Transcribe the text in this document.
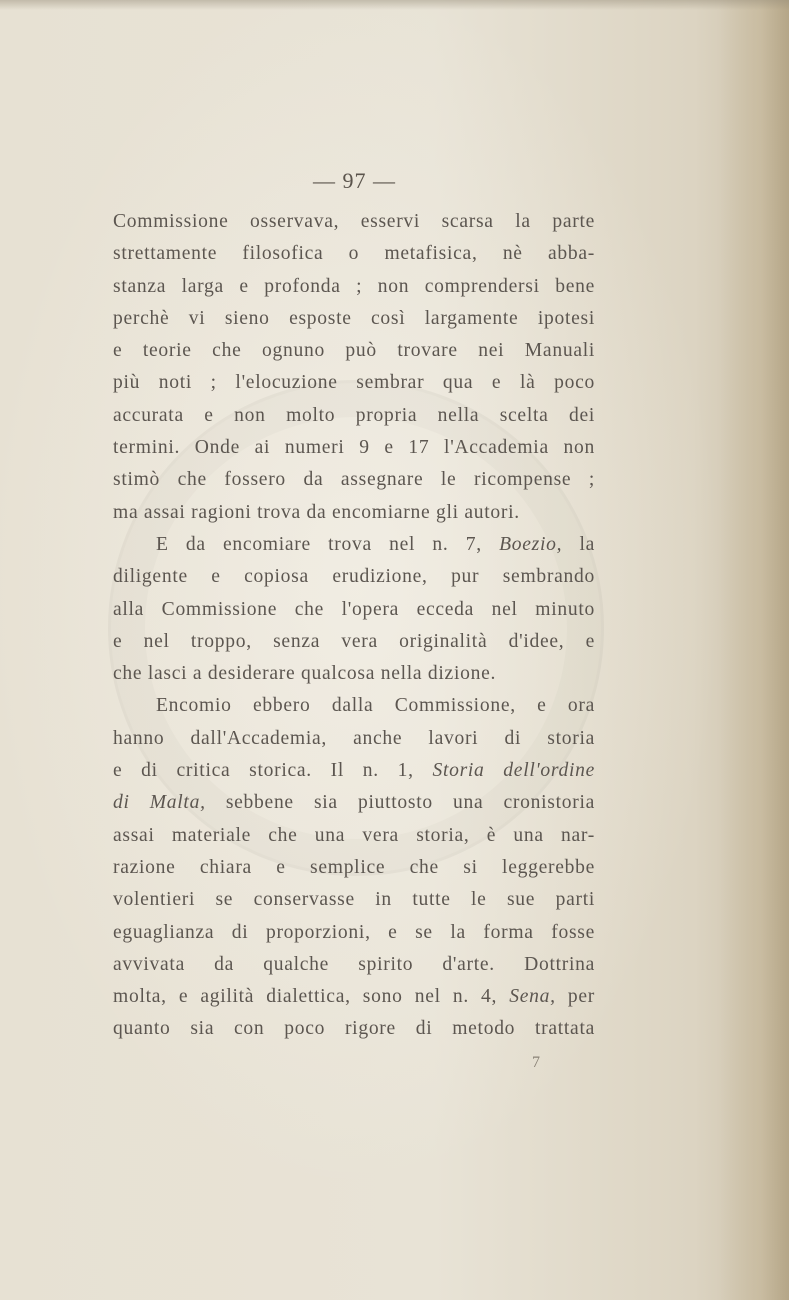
— 97 —
Commissione osservava, esservi scarsa la parte
strettamente filosofica o metafisica, nè abba-
stanza larga e profonda ; non comprendersi bene
perchè vi sieno esposte così largamente ipotesi
e teorie che ognuno può trovare nei Manuali
più noti ; l'elocuzione sembrar qua e là poco
accurata e non molto propria nella scelta dei
termini. Onde ai numeri 9 e 17 l'Accademia non
stimò che fossero da assegnare le ricompense ;
ma assai ragioni trova da encomiarne gli autori.
E da encomiare trova nel n. 7, Boezio, la
diligente e copiosa erudizione, pur sembrando
alla Commissione che l'opera ecceda nel minuto
e nel troppo, senza vera originalità d'idee, e
che lasci a desiderare qualcosa nella dizione.
Encomio ebbero dalla Commissione, e ora
hanno dall'Accademia, anche lavori di storia
e di critica storica. Il n. 1, Storia dell'ordine
di Malta, sebbene sia piuttosto una cronistoria
assai materiale che una vera storia, è una nar-
razione chiara e semplice che si leggerebbe
volentieri se conservasse in tutte le sue parti
eguaglianza di proporzioni, e se la forma fosse
avvivata da qualche spirito d'arte. Dottrina
molta, e agilità dialettica, sono nel n. 4, Sena, per
quanto sia con poco rigore di metodo trattata
7
